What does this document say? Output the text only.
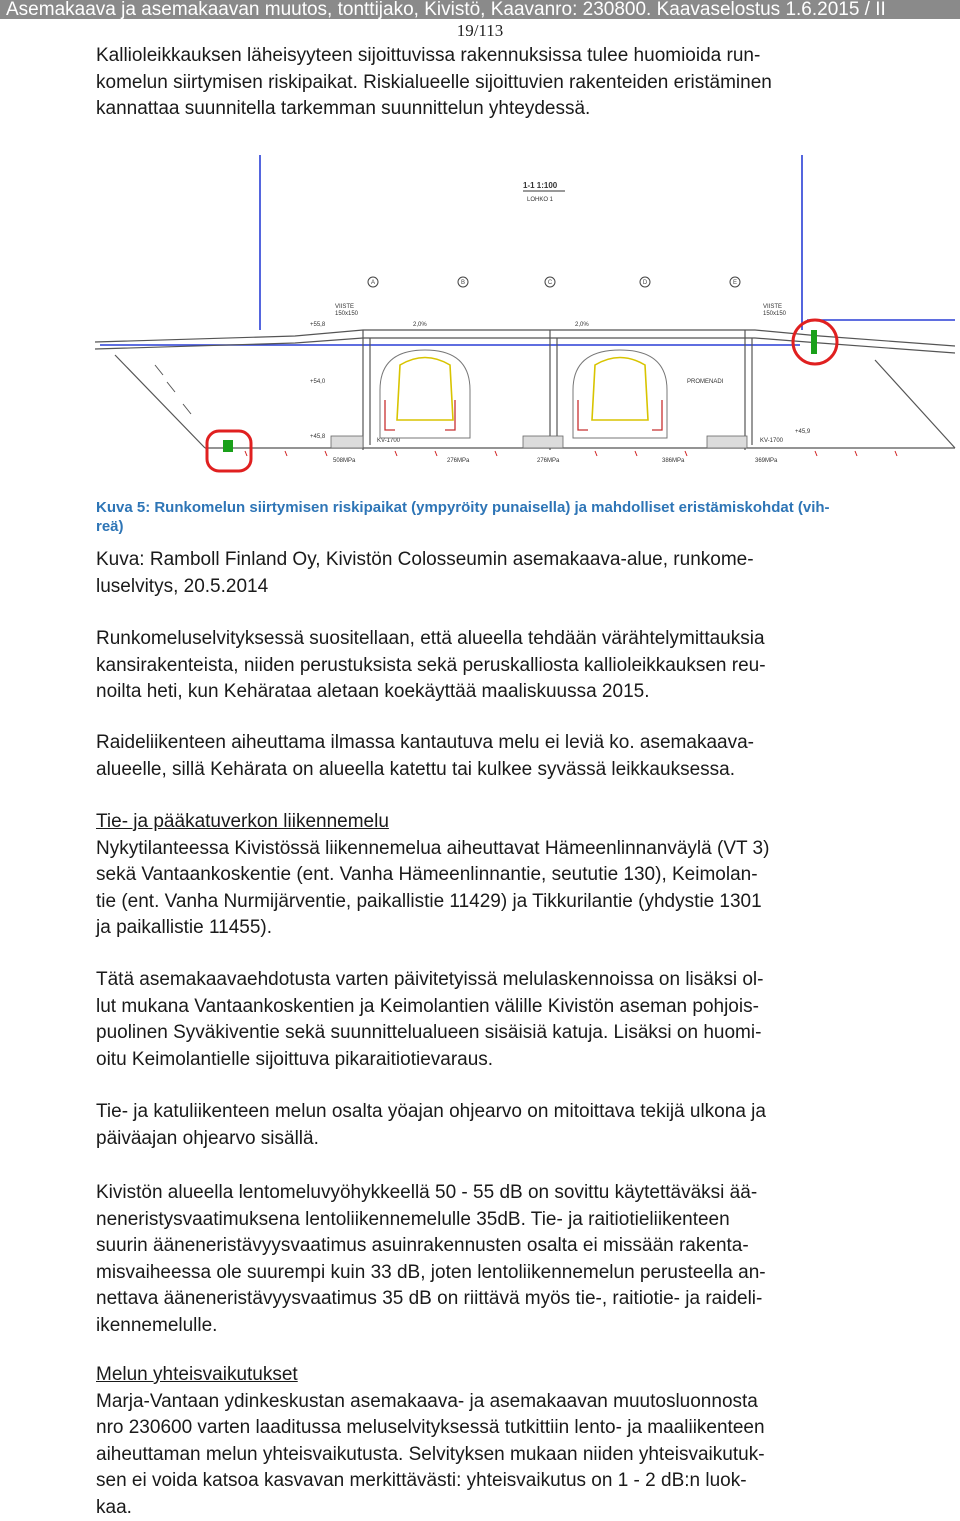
Asemakaava ja asemakaavan muutos, tonttijako, Kivistö, Kaavanro: 230800. Kaavaselostus 1.6.2015 / II
19/113
Kallioleikkauksen läheisyyteen sijoittuvissa rakennuksissa tulee huomioida run-
komelun siirtymisen riskipaikat. Riskialueelle sijoittuvien rakenteiden eristäminen
kannattaa suunnitella tarkemman suunnittelun yhteydessä.
1-1 1:100
LOHKO 1
A	B	C	D	E
VIISTE
150x150
VIISTE
150x150
+55,8
+54,0
+45,8
+45,9
2,0%	2,0%
PROMENADI
KV-1700	KV-1700
508MPa	276MPa	276MPa	386MPa	369MPa
Kuva 5: Runkomelun siirtymisen riskipaikat (ympyröity punaisella) ja mahdolliset eristämiskohdat (vih-
reä)
Kuva: Ramboll Finland Oy, Kivistön Colosseumin asemakaava-alue, runkome-
luselvitys, 20.5.2014
Runkomeluselvityksessä suositellaan, että alueella tehdään värähtelymittauksia
kansirakenteista, niiden perustuksista sekä peruskalliosta kallioleikkauksen reu-
noilta heti, kun Kehärataa aletaan koekäyttää maaliskuussa 2015.
Raideliikenteen aiheuttama ilmassa kantautuva melu ei leviä ko. asemakaava-
alueelle, sillä Kehärata on alueella katettu tai kulkee syvässä leikkauksessa.
Tie- ja pääkatuverkon liikennemelu
Nykytilanteessa Kivistössä liikennemelua aiheuttavat Hämeenlinnanväylä (VT 3)
sekä Vantaankoskentie (ent. Vanha Hämeenlinnantie, seututie 130), Keimolan-
tie (ent. Vanha Nurmijärventie, paikallistie 11429) ja Tikkurilantie (yhdystie 1301
ja paikallistie 11455).
Tätä asemakaavaehdotusta varten päivitetyissä melulaskennoissa on lisäksi ol-
lut mukana Vantaankoskentien ja Keimolantien välille Kivistön aseman pohjois-
puolinen Syväkiventie sekä suunnittelualueen sisäisiä katuja. Lisäksi on huomi-
oitu Keimolantielle sijoittuva pikaraitiotievaraus.
Tie- ja katuliikenteen melun osalta yöajan ohjearvo on mitoittava tekijä ulkona ja
päiväajan ohjearvo sisällä.
Kivistön alueella lentomeluvyöhykkeellä 50 - 55 dB on sovittu käytettäväksi ää-
neneristysvaatimuksena lentoliikennemelulle 35dB. Tie- ja raitiotieliikenteen
suurin ääneneristävyysvaatimus asuinrakennusten osalta ei missään rakenta-
misvaiheessa ole suurempi kuin 33 dB, joten lentoliikennemelun perusteella an-
nettava ääneneristävyysvaatimus 35 dB on riittävä myös tie-, raitiotie- ja raideli-
ikennemelulle.
Melun yhteisvaikutukset
Marja-Vantaan ydinkeskustan asemakaava- ja asemakaavan muutosluonnosta
nro 230600 varten laaditussa meluselvityksessä tutkittiin lento- ja maaliikenteen
aiheuttaman melun yhteisvaikutusta. Selvityksen mukaan niiden yhteisvaikutuk-
sen ei voida katsoa kasvavan merkittävästi: yhteisvaikutus on 1 - 2 dB:n luok-
kaa.
